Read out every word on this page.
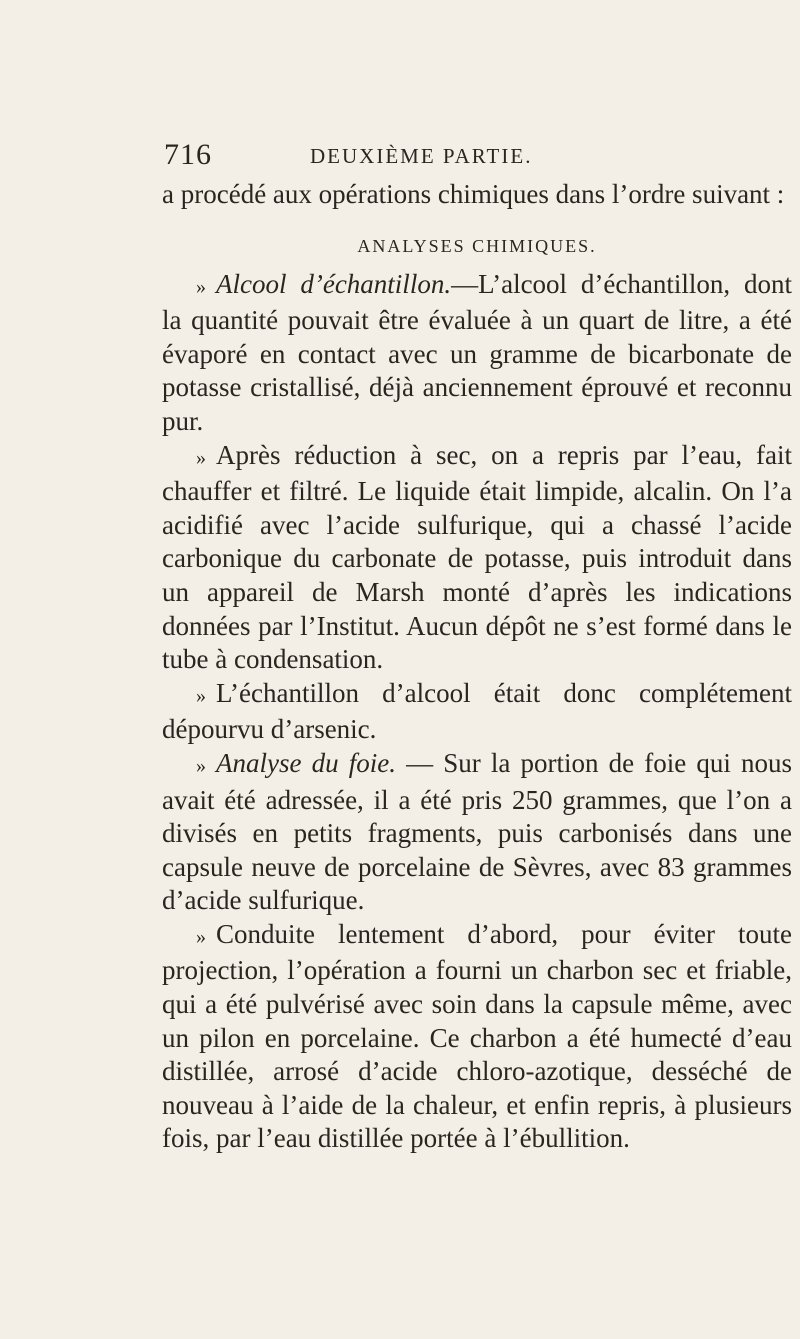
716	DEUXIÈME PARTIE.

a procédé aux opérations chimiques dans l’ordre suivant :

ANALYSES CHIMIQUES.

» Alcool d’échantillon.—L’alcool d’échantillon, dont la quantité pouvait être évaluée à un quart de litre, a été évaporé en contact avec un gramme de bicarbonate de potasse cristallisé, déjà anciennement éprouvé et reconnu pur.

» Après réduction à sec, on a repris par l’eau, fait chauffer et filtré. Le liquide était limpide, alcalin. On l’a acidifié avec l’acide sulfurique, qui a chassé l’acide carbonique du carbonate de potasse, puis introduit dans un appareil de Marsh monté d’après les indications données par l’Institut. Aucun dépôt ne s’est formé dans le tube à condensation.

» L’échantillon d’alcool était donc complétement dépourvu d’arsenic.

» Analyse du foie. — Sur la portion de foie qui nous avait été adressée, il a été pris 250 grammes, que l’on a divisés en petits fragments, puis carbonisés dans une capsule neuve de porcelaine de Sèvres, avec 83 grammes d’acide sulfurique.

» Conduite lentement d’abord, pour éviter toute projection, l’opération a fourni un charbon sec et friable, qui a été pulvérisé avec soin dans la capsule même, avec un pilon en porcelaine. Ce charbon a été humecté d’eau distillée, arrosé d’acide chloro-azotique, desséché de nouveau à l’aide de la chaleur, et enfin repris, à plusieurs fois, par l’eau distillée portée à l’ébullition.
